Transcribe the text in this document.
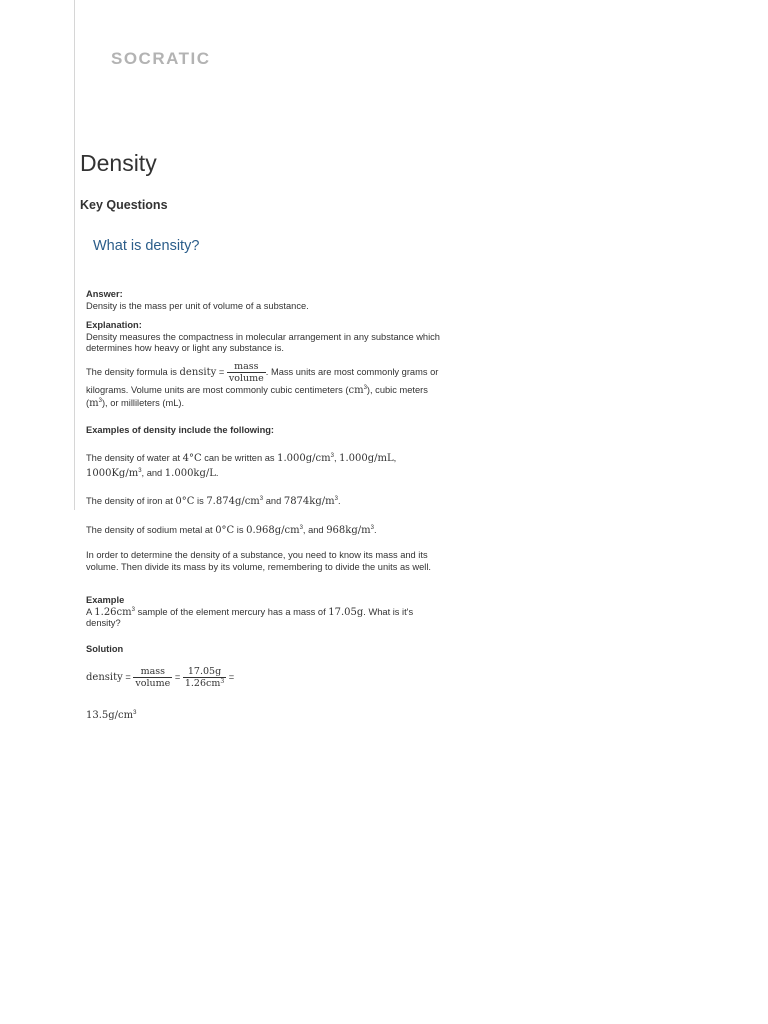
SOCRATIC
Density
Key Questions
What is density?
Answer:
Density is the mass per unit of volume of a substance.
Explanation:
Density measures the compactness in molecular arrangement in any substance which determines how heavy or light any substance is.
The density formula is density = $\frac{\text{mass}}{\text{volume}}$ . Mass units are most commonly grams or kilograms. Volume units are most commonly cubic centimeters $(cm^3)$, cubic meters $(m^3)$, or millileters (mL).
Examples of density include the following:
The density of water at 4°C can be written as $1.000g/cm^3$, 1.000g/mL, $1000Kg/m^3$, and 1.000kg/L.
The density of iron at 0°C is $7.874g/cm^3$ and $7874kg/m^3$.
The density of sodium metal at 0°C is $0.968g/cm^3$, and $968kg/m^3$.
In order to determine the density of a substance, you need to know its mass and its volume. Then divide its mass by its volume, remembering to divide the units as well.
Example
A $1.26cm^3$ sample of the element mercury has a mass of 17.05g. What is it's density?
Solution
density = $\frac{\text{mass}}{\text{volume}} = \frac{17.05g}{1.26cm^3}$ =
$13.5g/cm^3$
